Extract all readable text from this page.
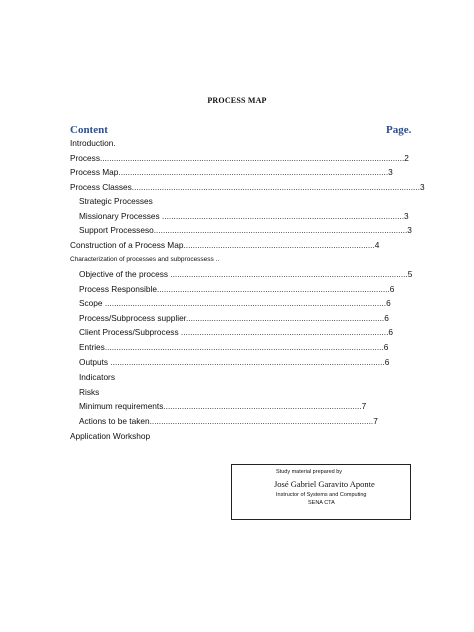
PROCESS MAP
Content	Page.
Introduction.
Process....................................................................................................................................2
Process Map.....................................................................................................................3
Process Classes.............................................................................................................................3
Strategic Processes
Missionary Processes .........................................................................................................3
Support Processeso..............................................................................................................3
Construction of a Process Map...................................................................................4
Characterization of processes and subprocessess ..
Objective of the process .......................................................................................................5
Process Responsible.....................................................................................................6
Scope ..........................................................................................................................6
Process/Subprocess supplier......................................................................................6
Client Process/Subprocess ..........................................................................................6
Entries.........................................................................................................................6
Outputs .......................................................................................................................6
Indicators
Risks
Minimum requirements......................................................................................7
Actions to be taken.................................................................................................7
Application Workshop
Study material prepared by
José Gabriel Garavito Aponte
Instructor of Systems and Computing
SENA CTA
